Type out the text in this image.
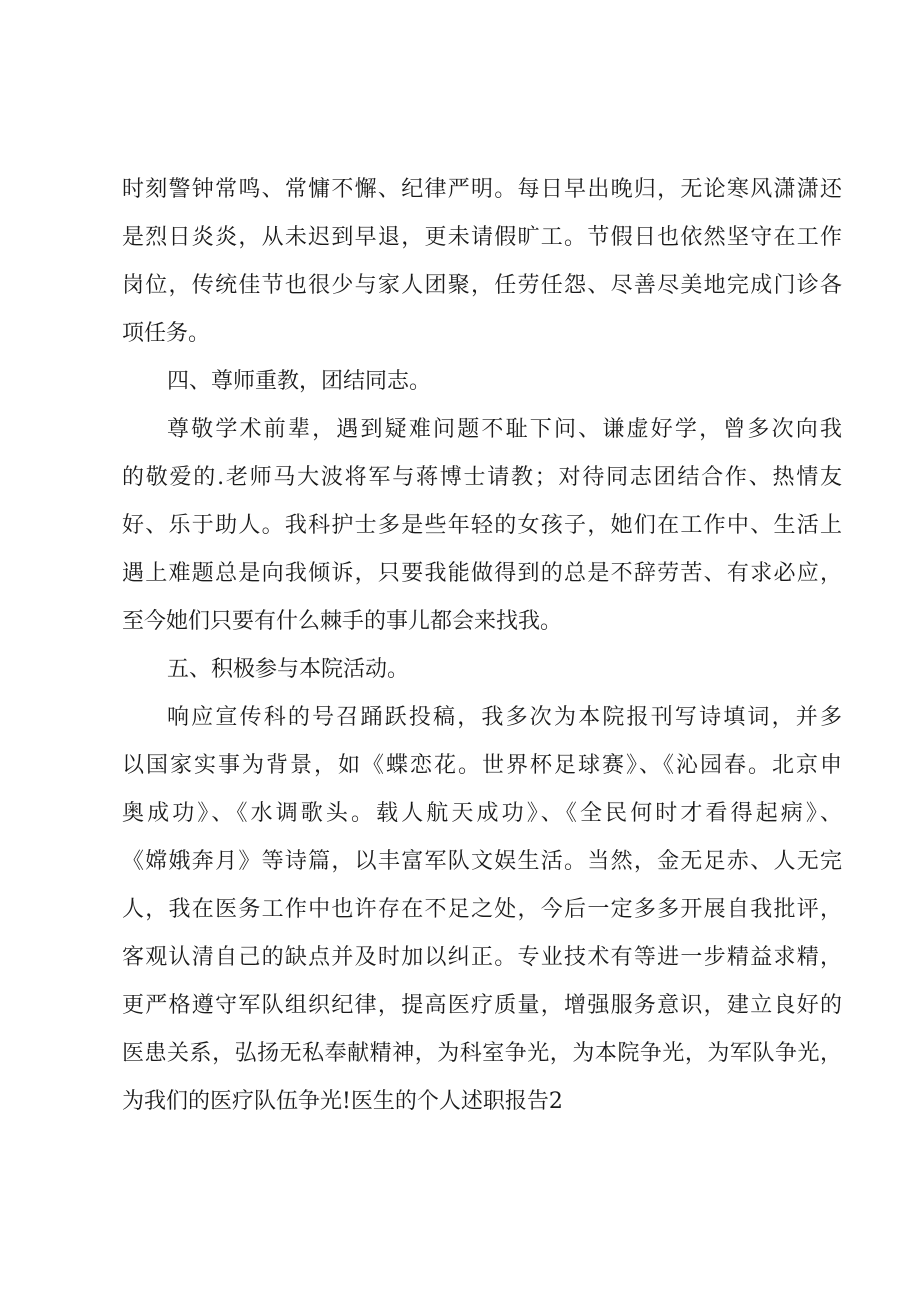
时刻警钟常鸣、常慵不懈、纪律严明。每日早出晚归，无论寒风潇潇还
是烈日炎炎，从未迟到早退，更未请假旷工。节假日也依然坚守在工作
岗位，传统佳节也很少与家人团聚，任劳任怨、尽善尽美地完成门诊各
项任务。
四、尊师重教，团结同志。
尊敬学术前辈，遇到疑难问题不耻下问、谦虚好学，曾多次向我
的敬爱的.老师马大波将军与蒋博士请教；对待同志团结合作、热情友
好、乐于助人。我科护士多是些年轻的女孩子，她们在工作中、生活上
遇上难题总是向我倾诉，只要我能做得到的总是不辞劳苦、有求必应，
至今她们只要有什么棘手的事儿都会来找我。
五、积极参与本院活动。
响应宣传科的号召踊跃投稿，我多次为本院报刊写诗填词，并多
以国家实事为背景，如《蝶恋花。世界杯足球赛》、《沁园春。北京申
奥成功》、《水调歌头。载人航天成功》、《全民何时才看得起病》、
《嫦娥奔月》等诗篇，以丰富军队文娱生活。当然，金无足赤、人无完
人，我在医务工作中也许存在不足之处，今后一定多多开展自我批评，
客观认清自己的缺点并及时加以纠正。专业技术有等进一步精益求精，
更严格遵守军队组织纪律，提高医疗质量，增强服务意识，建立良好的
医患关系，弘扬无私奉献精神，为科室争光，为本院争光，为军队争光，
为我们的医疗队伍争光!医生的个人述职报告2
